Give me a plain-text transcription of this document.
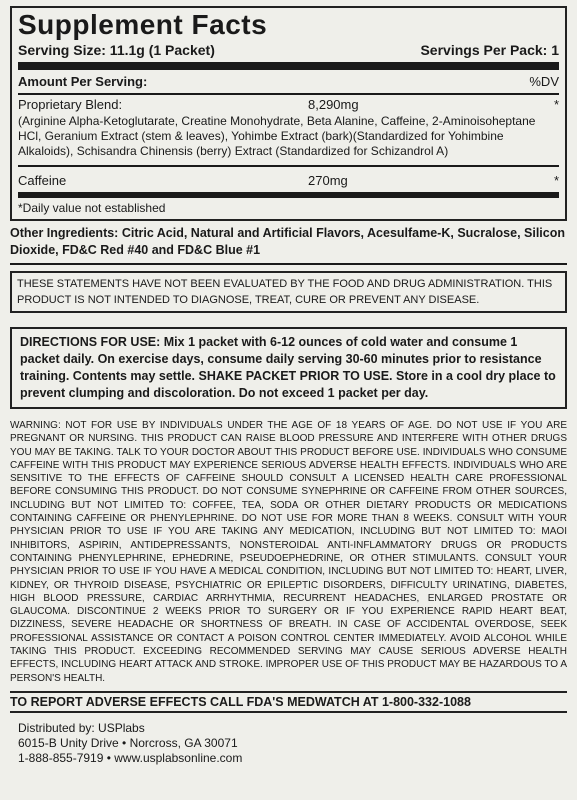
Supplement Facts
Serving Size: 11.1g (1 Packet)	Servings Per Pack: 1
Amount Per Serving:	%DV
Proprietary Blend:	8,290mg	*
(Arginine Alpha-Ketoglutarate, Creatine Monohydrate, Beta Alanine, Caffeine, 2-Aminoisoheptane HCl, Geranium Extract (stem & leaves), Yohimbe Extract (bark)(Standardized for Yohimbine Alkaloids), Schisandra Chinensis (berry) Extract (Standardized for Schizandrol A)
Caffeine	270mg	*
*Daily value not established
Other Ingredients: Citric Acid, Natural and Artificial Flavors, Acesulfame-K, Sucralose, Silicon Dioxide, FD&C Red #40 and FD&C Blue #1
THESE STATEMENTS HAVE NOT BEEN EVALUATED BY THE FOOD AND DRUG ADMINISTRATION. THIS PRODUCT IS NOT INTENDED TO DIAGNOSE, TREAT, CURE OR PREVENT ANY DISEASE.
DIRECTIONS FOR USE: Mix 1 packet with 6-12 ounces of cold water and consume 1 packet daily. On exercise days, consume daily serving 30-60 minutes prior to resistance training. Contents may settle. SHAKE PACKET PRIOR TO USE. Store in a cool dry place to prevent clumping and discoloration. Do not exceed 1 packet per day.
WARNING: NOT FOR USE BY INDIVIDUALS UNDER THE AGE OF 18 YEARS OF AGE. DO NOT USE IF YOU ARE PREGNANT OR NURSING. THIS PRODUCT CAN RAISE BLOOD PRESSURE AND INTERFERE WITH OTHER DRUGS YOU MAY BE TAKING. TALK TO YOUR DOCTOR ABOUT THIS PRODUCT BEFORE USE. INDIVIDUALS WHO CONSUME CAFFEINE WITH THIS PRODUCT MAY EXPERIENCE SERIOUS ADVERSE HEALTH EFFECTS. INDIVIDUALS WHO ARE SENSITIVE TO THE EFFECTS OF CAFFEINE SHOULD CONSULT A LICENSED HEALTH CARE PROFESSIONAL BEFORE CONSUMING THIS PRODUCT. DO NOT CONSUME SYNEPHRINE OR CAFFEINE FROM OTHER SOURCES, INCLUDING BUT NOT LIMITED TO: COFFEE, TEA, SODA OR OTHER DIETARY PRODUCTS OR MEDICATIONS CONTAINING CAFFEINE OR PHENYLEPHRINE. DO NOT USE FOR MORE THAN 8 WEEKS. CONSULT WITH YOUR PHYSICIAN PRIOR TO USE IF YOU ARE TAKING ANY MEDICATION, INCLUDING BUT NOT LIMITED TO: MAOI INHIBITORS, ASPIRIN, ANTIDEPRESSANTS, NONSTEROIDAL ANTI-INFLAMMATORY DRUGS OR PRODUCTS CONTAINING PHENYLEPHRINE, EPHEDRINE, PSEUDOEPHEDRINE, OR OTHER STIMULANTS. CONSULT YOUR PHYSICIAN PRIOR TO USE IF YOU HAVE A MEDICAL CONDITION, INCLUDING BUT NOT LIMITED TO: HEART, LIVER, KIDNEY, OR THYROID DISEASE, PSYCHIATRIC OR EPILEPTIC DISORDERS, DIFFICULTY URINATING, DIABETES, HIGH BLOOD PRESSURE, CARDIAC ARRHYTHMIA, RECURRENT HEADACHES, ENLARGED PROSTATE OR GLAUCOMA. DISCONTINUE 2 WEEKS PRIOR TO SURGERY OR IF YOU EXPERIENCE RAPID HEART BEAT, DIZZINESS, SEVERE HEADACHE OR SHORTNESS OF BREATH. IN CASE OF ACCIDENTAL OVERDOSE, SEEK PROFESSIONAL ASSISTANCE OR CONTACT A POISON CONTROL CENTER IMMEDIATELY. AVOID ALCOHOL WHILE TAKING THIS PRODUCT. EXCEEDING RECOMMENDED SERVING MAY CAUSE SERIOUS ADVERSE HEALTH EFFECTS, INCLUDING HEART ATTACK AND STROKE. IMPROPER USE OF THIS PRODUCT MAY BE HAZARDOUS TO A PERSON'S HEALTH.
TO REPORT ADVERSE EFFECTS CALL FDA'S MEDWATCH AT 1-800-332-1088
Distributed by: USPlabs
6015-B Unity Drive • Norcross, GA 30071
1-888-855-7919 • www.usplabsonline.com
